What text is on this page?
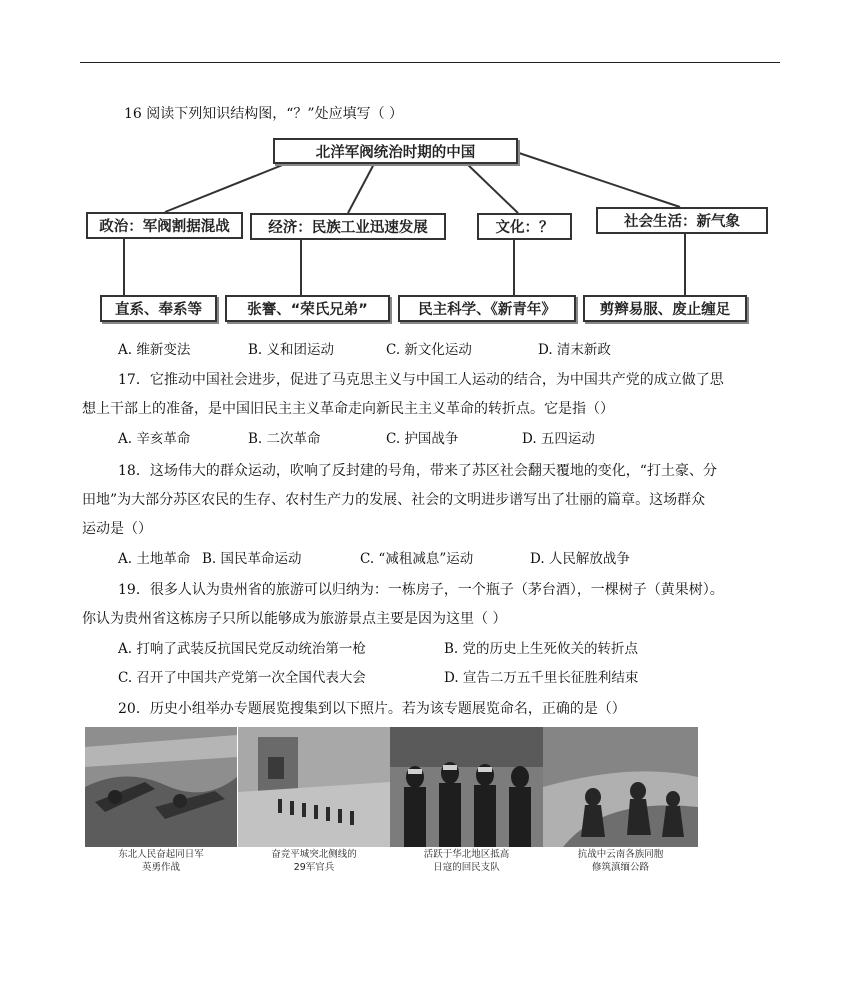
16 阅读下列知识结构图，“？”处应填写（ ）
北洋军阀统治时期的中国
政治：军阀割据混战	经济：民族工业迅速发展	文化：？	社会生活：新气象
直系、奉系等	张謇、“荣氏兄弟”	民主科学、《新青年》	剪辫易服、废止缠足
A. 维新变法	B. 义和团运动	C. 新文化运动	D. 清末新政
17．它推动中国社会进步，促进了马克思主义与中国工人运动的结合，为中国共产党的成立做了思
想上干部上的准备，是中国旧民主主义革命走向新民主主义革命的转折点。它是指（）
A. 辛亥革命	B. 二次革命	C. 护国战争	D. 五四运动
18．这场伟大的群众运动，吹响了反封建的号角，带来了苏区社会翻天覆地的变化，“打土豪、分
田地”为大部分苏区农民的生存、农村生产力的发展、社会的文明进步谱写出了壮丽的篇章。这场群众
运动是（）
A. 土地革命 B. 国民革命运动	C. “减租减息”运动	D. 人民解放战争
19．很多人认为贵州省的旅游可以归纳为：一栋房子，一个瓶子（茅台酒），一棵树子（黄果树）。
你认为贵州省这栋房子只所以能够成为旅游景点主要是因为这里（ ）
A. 打响了武装反抗国民党反动统治第一枪	B. 党的历史上生死攸关的转折点
C. 召开了中国共产党第一次全国代表大会	D. 宣告二万五千里长征胜利结束
20．历史小组举办专题展览搜集到以下照片。若为该专题展览命名，正确的是（）
东北人民奋起同日军
英勇作战
奋竞平城突北侧线的
29军官兵
活跃于华北地区抵高
日寇的回民支队
抗战中云南各族同胞
修筑滇缅公路
